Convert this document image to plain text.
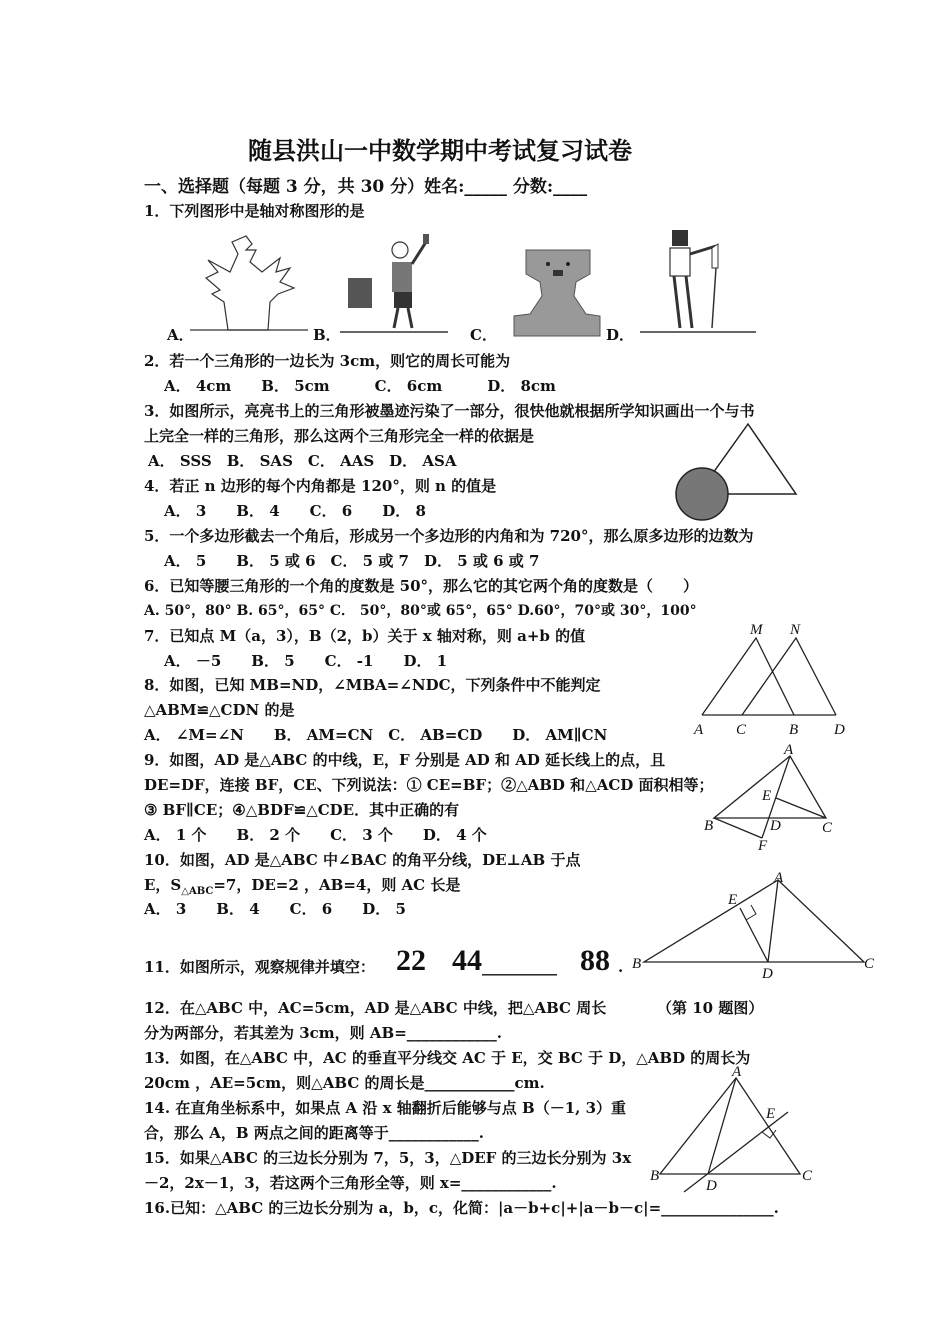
随县洪山一中数学期中考试复习试卷
一、选择题（每题 3 分，共 30 分）姓名:_____ 分数:____
1．下列图形中是轴对称图形的是
A．	B．	C．	D．
2．若一个三角形的一边长为 3cm，则它的周长可能为
A． 4cm　　B． 5cm　　　C． 6cm　　　D． 8cm
3．如图所示，亮亮书上的三角形被墨迹污染了一部分，很快他就根据所学知识画出一个与书
上完全一样的三角形，那么这两个三角形完全一样的依据是
A． SSS　B． SAS　C． AAS　D． ASA
4．若正 n 边形的每个内角都是 120°，则 n 的值是
A． 3　　B． 4　　C． 6　　D． 8
5．一个多边形截去一个角后，形成另一个多边形的内角和为 720°，那么原多边形的边数为
A． 5　　B． 5 或 6　C． 5 或 7　D． 5 或 6 或 7
6．已知等腰三角形的一个角的度数是 50°，那么它的其它两个角的度数是（　　）
A. 50°，80° B. 65°，65° C． 50°，80°或 65°，65° D.60°，70°或 30°，100°
7．已知点 M（a，3），B（2，b）关于 x 轴对称，则 a+b 的值
A． －5　　B． 5　　C． -1　　D． 1
M N
A C	B D
8．如图，已知 MB=ND，∠MBA=∠NDC，下列条件中不能判定
△ABM≌△CDN 的是
A． ∠M=∠N　　B． AM=CN　C． AB=CD　　D． AM∥CN
9．如图，AD 是△ABC 的中线，E，F 分别是 AD 和 AD 延长线上的点，且
DE=DF，连接 BF，CE、下列说法：① CE=BF；②△ABD 和△ACD 面积相等；
③ BF∥CE；④△BDF≌△CDE．其中正确的有
A． 1 个　　B． 2 个　　C． 3 个　　D． 4 个
A
E
B	D	C
F
10．如图，AD 是△ABC 中∠BAC 的角平分线，DE⊥AB 于点
E，$S_{\triangle ABC}=7$，DE=2 ，AB=4，则 AC 长是
A． 3　　B． 4　　C． 6　　D． 5
A
E
B
D
C
11．如图所示，观察规律并填空： 22 44 __________ 88 .
12．在△ABC 中，AC=5cm，AD 是△ABC 中线，把△ABC 周长	（第 10 题图）
分为两部分，若其差为 3cm，则 AB=____________.
13．如图，在△ABC 中，AC 的垂直平分线交 AC 于 E，交 BC 于 D，△ABD 的周长为
20cm ，AE=5cm，则△ABC 的周长是____________cm.
A
E
B
D
C
14. 在直角坐标系中，如果点 A 沿 x 轴翻折后能够与点 B（－1, 3）重
合，那么 A，B 两点之间的距离等于____________.
15．如果△ABC 的三边长分别为 7，5，3，△DEF 的三边长分别为 3x
－2，2x－1，3，若这两个三角形全等，则 x=____________.
16.已知：△ABC 的三边长分别为 a，b，c，化简：|a－b+c|+|a－b－c|=_______________.
